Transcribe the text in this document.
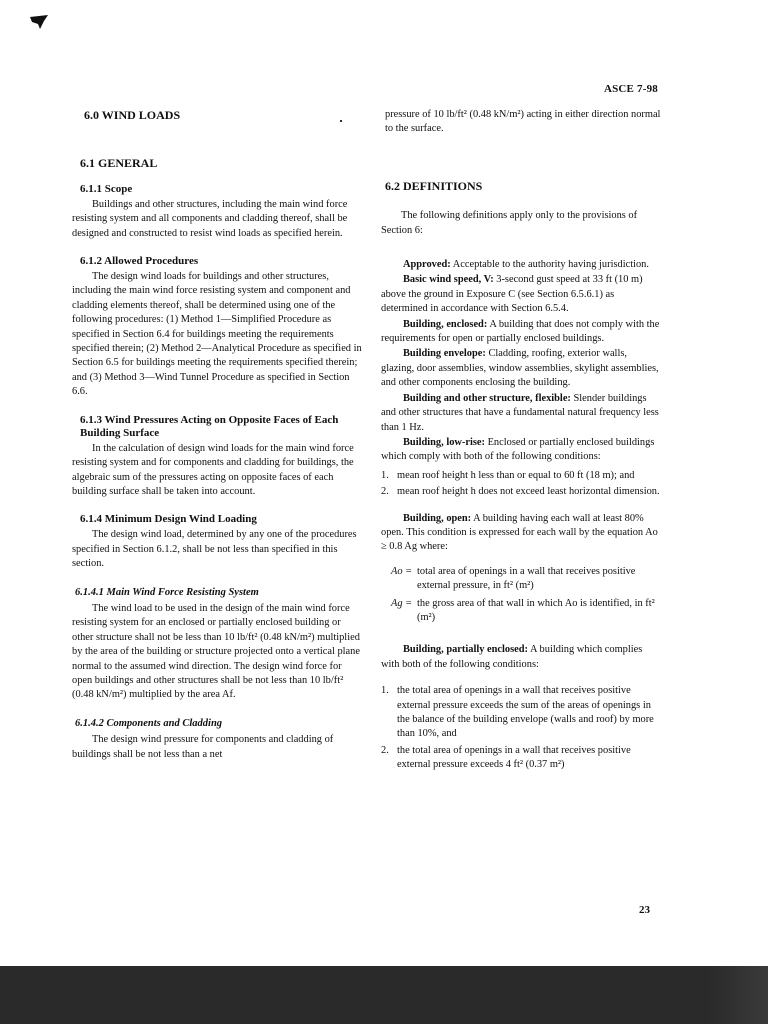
ASCE 7-98
6.0 WIND LOADS
6.1 GENERAL
6.1.1 Scope

Buildings and other structures, including the main wind force resisting system and all components and cladding thereof, shall be designed and constructed to resist wind loads as specified herein.

6.1.2 Allowed Procedures

The design wind loads for buildings and other structures, including the main wind force resisting system and component and cladding elements thereof, shall be determined using one of the following procedures: (1) Method 1—Simplified Procedure as specified in Section 6.4 for buildings meeting the requirements specified therein; (2) Method 2—Analytical Procedure as specified in Section 6.5 for buildings meeting the requirements specified therein; and (3) Method 3—Wind Tunnel Procedure as specified in Section 6.6.

6.1.3 Wind Pressures Acting on Opposite Faces of Each Building Surface

In the calculation of design wind loads for the main wind force resisting system and for components and cladding for buildings, the algebraic sum of the pressures acting on opposite faces of each building surface shall be taken into account.

6.1.4 Minimum Design Wind Loading

The design wind load, determined by any one of the procedures specified in Section 6.1.2, shall be not less than specified in this section.

6.1.4.1 Main Wind Force Resisting System

The wind load to be used in the design of the main wind force resisting system for an enclosed or partially enclosed building or other structure shall not be less than 10 lb/ft² (0.48 kN/m²) multiplied by the area of the building or structure projected onto a vertical plane normal to the assumed wind direction. The design wind force for open buildings and other structures shall be not less than 10 lb/ft² (0.48 kN/m²) multiplied by the area Af.

6.1.4.2 Components and Cladding

The design wind pressure for components and cladding of buildings shall be not less than a net

pressure of 10 lb/ft² (0.48 kN/m²) acting in either direction normal to the surface.

6.2 DEFINITIONS

The following definitions apply only to the provisions of Section 6:

Approved: Acceptable to the authority having jurisdiction.

Basic wind speed, V: 3-second gust speed at 33 ft (10 m) above the ground in Exposure C (see Section 6.5.6.1) as determined in accordance with Section 6.5.4.

Building, enclosed: A building that does not comply with the requirements for open or partially enclosed buildings.

Building envelope: Cladding, roofing, exterior walls, glazing, door assemblies, window assemblies, skylight assemblies, and other components enclosing the building.

Building and other structure, flexible: Slender buildings and other structures that have a fundamental natural frequency less than 1 Hz.

Building, low-rise: Enclosed or partially enclosed buildings which comply with both of the following conditions:

1. mean roof height h less than or equal to 60 ft (18 m); and
2. mean roof height h does not exceed least horizontal dimension.

Building, open: A building having each wall at least 80% open. This condition is expressed for each wall by the equation Ao ≥ 0.8 Ag where:

Ao = total area of openings in a wall that receives positive external pressure, in ft² (m²)
Ag = the gross area of that wall in which Ao is identified, in ft² (m²)

Building, partially enclosed: A building which complies with both of the following conditions:

1. the total area of openings in a wall that receives positive external pressure exceeds the sum of the areas of openings in the balance of the building envelope (walls and roof) by more than 10%, and
2. the total area of openings in a wall that receives positive external pressure exceeds 4 ft² (0.37 m²)
23
